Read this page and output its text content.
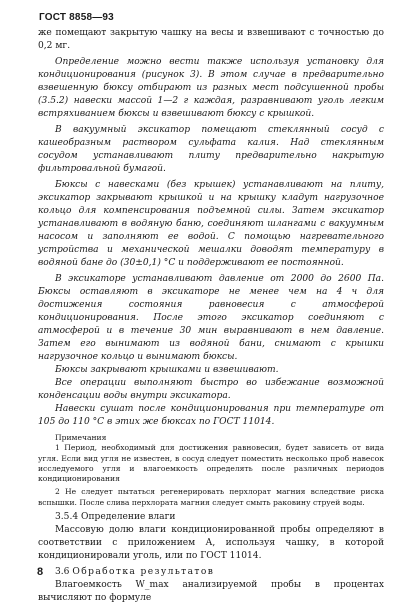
ГОСТ 8858—93

же помещают закрытую чашку на весы и взвешивают с точностью до 0,2 мг.

Определение можно вести также используя установку для кондиционирования (рисунок 3). В этом случае в предварительно взвешенную бюксу отбирают из разных мест подсушенной пробы (3.5.2) навески массой 1—2 г каждая, разравнивают уголь легким встряхиванием бюксы и взвешивают бюксу с крышкой.

В вакуумный эксикатор помещают стеклянный сосуд с кашеобразным раствором сульфата калия. Над стеклянным сосудом устанавливают плиту предварительно накрытую фильтровальной бумагой.

Бюксы с навесками (без крышек) устанавливают на плиту, эксикатор закрывают крышкой и на крышку кладут нагрузочное кольцо для компенсирования подъемной силы. Затем эксикатор устанавливают в водяную баню, соединяют шлангами с вакуумным насосом и заполняют ее водой. С помощью нагревательного устройства и механической мешалки доводят температуру в водяной бане до (30±0,1) °С и поддерживают ее постоянной.

В эксикаторе устанавливают давление от 2000 до 2600 Па. Бюксы оставляют в эксикаторе не менее чем на 4 ч для достижения состояния равновесия с атмосферой кондиционирования. После этого эксикатор соединяют с атмосферой и в течение 30 мин выравнивают в нем давление. Затем его вынимают из водяной бани, снимают с крышки нагрузочное кольцо и вынимают бюксы.

Бюксы закрывают крышками и взвешивают.

Все операции выполняют быстро во избежание возможной конденсации воды внутри эксикатора.

Навески сушат после кондиционирования при температуре от 105 до 110 °С в этих же бюксах по ГОСТ 11014.

Примечания

1 Период, необходимый для достижения равновесия, будет зависеть от вида угля. Если вид угля не известен, в сосуд следует поместить несколько проб навесок исследуемого угля и влагоемкость определять после различных периодов кондиционирования

2 Не следует пытаться регенерировать перхлорат магния вследствие риска вспышки. После слива перхлората магния следует смыть раковину струей воды.

3.5.4 Определение влаги

Массовую долю влаги кондиционированной пробы определяют в соответствии с приложением А, используя чашку, в которой кондиционировали уголь, или по ГОСТ 11014.

3.6 Обработка результатов

Влагоемкость W_max анализируемой пробы в процентах вычисляют по формуле

8
